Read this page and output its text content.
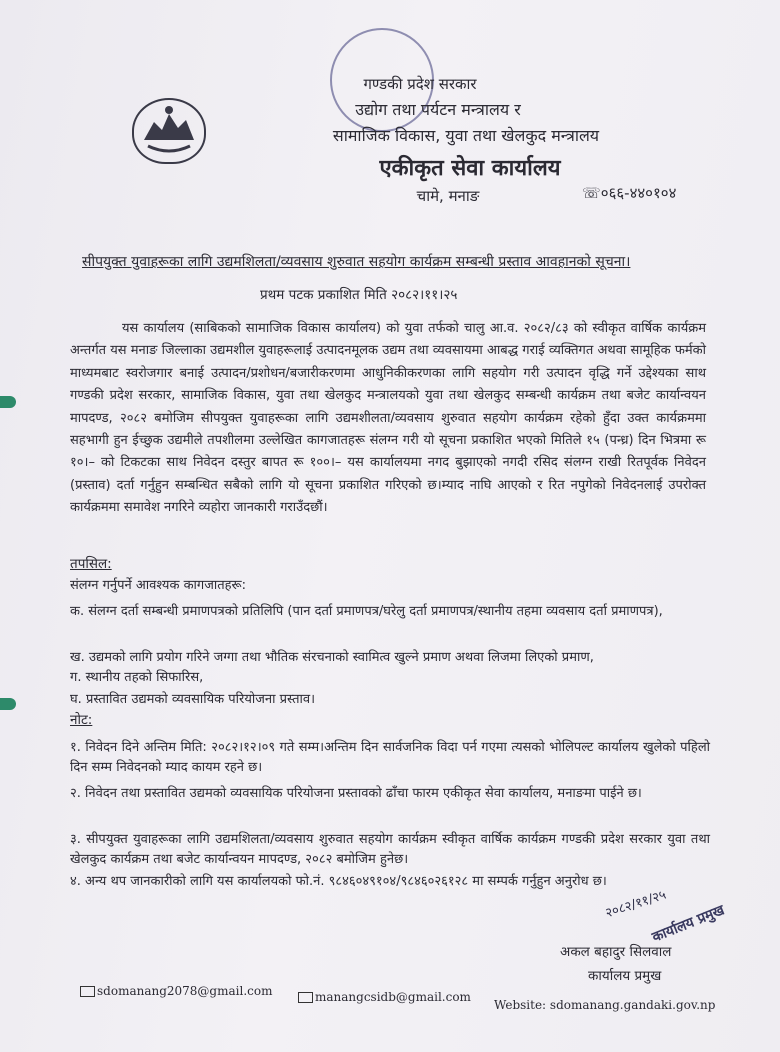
गण्डकी प्रदेश सरकार
उद्योग तथा पर्यटन मन्त्रालय र
सामाजिक विकास, युवा तथा खेलकुद मन्त्रालय
एकीकृत सेवा कार्यालय
चामे, मनाङ	☏०६६-४४०१०४
सीपयुक्त युवाहरूका लागि उद्यमशिलता/व्यवसाय शुरुवात सहयोग कार्यक्रम सम्बन्धी प्रस्ताव आवहानको सूचना।
प्रथम पटक प्रकाशित मिति २०८२।११।२५
यस कार्यालय (साबिकको सामाजिक विकास कार्यालय) को युवा तर्फको चालु आ.व. २०८२/८३ को स्वीकृत वार्षिक कार्यक्रम अन्तर्गत यस मनाङ जिल्लाका उद्यमशील युवाहरूलाई उत्पादनमूलक उद्यम तथा व्यवसायमा आबद्ध गराई व्यक्तिगत अथवा सामूहिक फर्मको माध्यमबाट स्वरोजगार बनाई उत्पादन/प्रशोधन/बजारीकरणमा आधुनिकीकरणका लागि सहयोग गरी उत्पादन वृद्धि गर्ने उद्देश्यका साथ गण्डकी प्रदेश सरकार, सामाजिक विकास, युवा तथा खेलकुद मन्त्रालयको युवा तथा खेलकुद सम्बन्धी कार्यक्रम तथा बजेट कार्यान्वयन मापदण्ड, २०८२ बमोजिम सीपयुक्त युवाहरूका लागि उद्यमशीलता/व्यवसाय शुरुवात सहयोग कार्यक्रम रहेको हुँदा उक्त कार्यक्रममा सहभागी हुन ईच्छुक उद्यमीले तपशीलमा उल्लेखित कागजातहरू संलग्न गरी यो सूचना प्रकाशित भएको मितिले १५ (पन्ध्र) दिन भित्रमा रू १०।– को टिकटका साथ निवेदन दस्तुर बापत रू १००।– यस कार्यालयमा नगद बुझाएको नगदी रसिद संलग्न राखी रितपूर्वक निवेदन (प्रस्ताव) दर्ता गर्नुहुन सम्बन्धित सबैको लागि यो सूचना प्रकाशित गरिएको छ।म्याद नाघि आएको र रित नपुगेको निवेदनलाई उपरोक्त कार्यक्रममा समावेश नगरिने व्यहोरा जानकारी गराउँदछौं।
तपसिल:
संलग्न गर्नुपर्ने आवश्यक कागजातहरू:
क. संलग्न दर्ता सम्बन्धी प्रमाणपत्रको प्रतिलिपि (पान दर्ता प्रमाणपत्र/घरेलु दर्ता प्रमाणपत्र/स्थानीय तहमा व्यवसाय दर्ता प्रमाणपत्र),
ख. उद्यमको लागि प्रयोग गरिने जग्गा तथा भौतिक संरचनाको स्वामित्व खुल्ने प्रमाण अथवा लिजमा लिएको प्रमाण,
ग. स्थानीय तहको सिफारिस,
घ. प्रस्तावित उद्यमको व्यवसायिक परियोजना प्रस्ताव।
नोट:
१. निवेदन दिने अन्तिम मिति: २०८२।१२।०९ गते सम्म।अन्तिम दिन सार्वजनिक विदा पर्न गएमा त्यसको भोलिपल्ट कार्यालय खुलेको पहिलो दिन सम्म निवेदनको म्याद कायम रहने छ।
२. निवेदन तथा प्रस्तावित उद्यमको व्यवसायिक परियोजना प्रस्तावको ढाँचा फारम एकीकृत सेवा कार्यालय, मनाङमा पाईने छ।
३. सीपयुक्त युवाहरूका लागि उद्यमशिलता/व्यवसाय शुरुवात सहयोग कार्यक्रम स्वीकृत वार्षिक कार्यक्रम गण्डकी प्रदेश सरकार युवा तथा खेलकुद कार्यक्रम तथा बजेट कार्यान्वयन मापदण्ड, २०८२ बमोजिम हुनेछ।
४. अन्य थप जानकारीको लागि यस कार्यालयको फो.नं. ९८४६०४९१०४/९८४६०२६१२८ मा सम्पर्क गर्नुहुन अनुरोध छ।
२०८२/११/२५
कार्यालय प्रमुख
अकल बहादुर सिलवाल
कार्यालय प्रमुख
sdomanang2078@gmail.com	manangcsidb@gmail.com
Website: sdomanang.gandaki.gov.np
